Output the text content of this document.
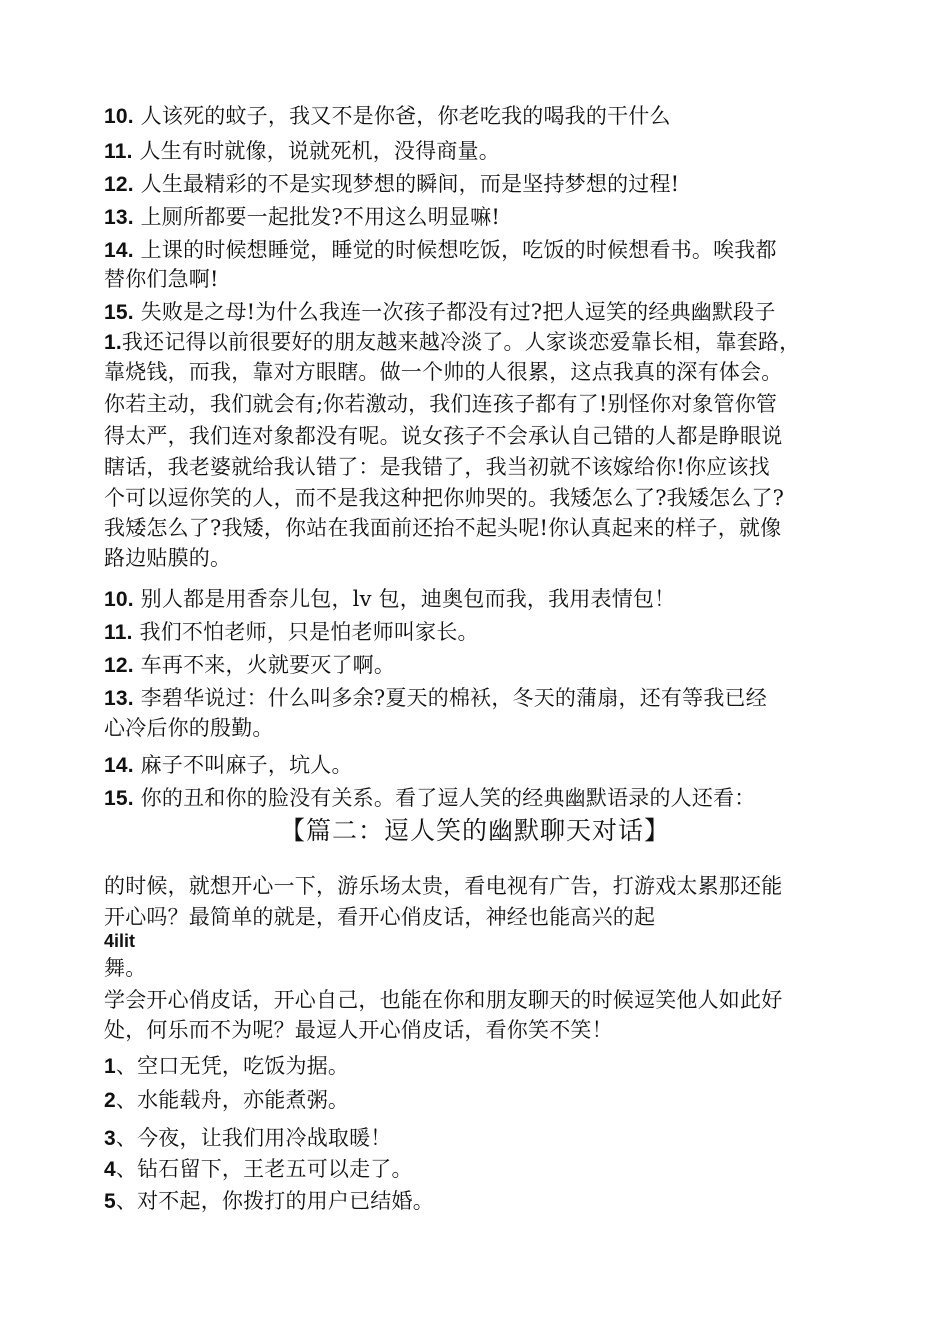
10. 人该死的蚊子，我又不是你爸，你老吃我的喝我的干什么
11. 人生有时就像，说就死机，没得商量。
12. 人生最精彩的不是实现梦想的瞬间，而是坚持梦想的过程!
13. 上厕所都要一起批发?不用这么明显嘛!
14. 上课的时候想睡觉，睡觉的时候想吃饭，吃饭的时候想看书。唉我都
替你们急啊!
15. 失败是之母!为什么我连一次孩子都没有过?把人逗笑的经典幽默段子
1.我还记得以前很要好的朋友越来越冷淡了。人家谈恋爱靠长相，靠套路，
靠烧钱，而我，靠对方眼瞎。做一个帅的人很累，这点我真的深有体会。
你若主动，我们就会有;你若激动，我们连孩子都有了!别怪你对象管你管
得太严，我们连对象都没有呢。说女孩子不会承认自己错的人都是睁眼说
瞎话，我老婆就给我认错了：是我错了，我当初就不该嫁给你!你应该找
个可以逗你笑的人，而不是我这种把你帅哭的。我矮怎么了?我矮怎么了?
我矮怎么了?我矮，你站在我面前还抬不起头呢!你认真起来的样子，就像
路边贴膜的。
10. 别人都是用香奈儿包，lv 包，迪奥包而我，我用表情包！
11. 我们不怕老师，只是怕老师叫家长。
12. 车再不来，火就要灭了啊。
13. 李碧华说过：什么叫多余?夏天的棉袄，冬天的蒲扇，还有等我已经
心冷后你的殷勤。
14. 麻子不叫麻子，坑人。
15. 你的丑和你的脸没有关系。看了逗人笑的经典幽默语录的人还看：
【篇二：逗人笑的幽默聊天对话】
的时候，就想开心一下，游乐场太贵，看电视有广告，打游戏太累那还能
开心吗？最简单的就是，看开心俏皮话，神经也能高兴的起
4ilit
舞。
学会开心俏皮话，开心自己，也能在你和朋友聊天的时候逗笑他人如此好
处，何乐而不为呢？最逗人开心俏皮话，看你笑不笑！
1、空口无凭，吃饭为据。
2、水能载舟，亦能煮粥。
3、今夜，让我们用冷战取暖！
4、钻石留下，王老五可以走了。
5、对不起，你拨打的用户已结婚。
